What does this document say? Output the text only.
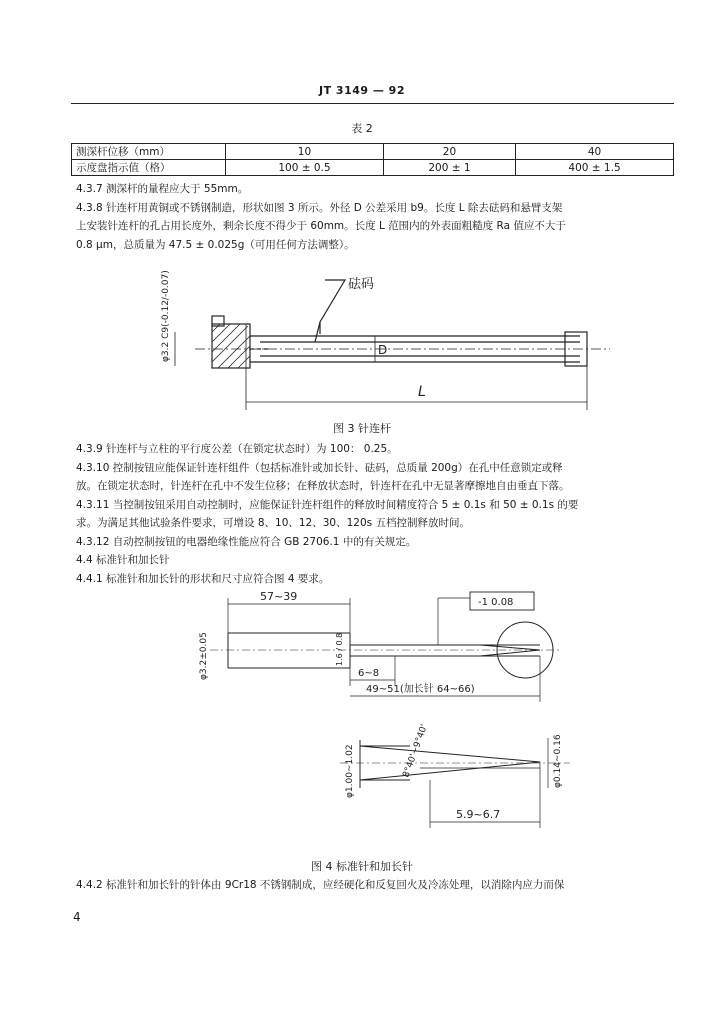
JT 3149 — 92
表 2
测深杆位移（mm）	10	20	40
示度盘指示值（格）	100 ± 0.5	200 ± 1	400 ± 1.5
4.3.7 测深杆的量程应大于 55mm。
4.3.8 针连杆用黄铜或不锈钢制造，形状如图 3 所示。外径 D 公差采用 b9。长度 L 除去砝码和悬臂支架
上安装针连杆的孔占用长度外，剩余长度不得少于 60mm。长度 L 范围内的外表面粗糙度 Ra 值应不大于
0.8 μm，总质量为 47.5 ± 0.025g（可用任何方法调整）。
砝码
D
L
φ3.2 C9(-0.12/-0.07)
图 3 针连杆
4.3.9 针连杆与立柱的平行度公差（在锁定状态时）为 100： 0.25。
4.3.10 控制按钮应能保证针连杆组件（包括标准针或加长针、砝码，总质量 200g）在孔中任意锁定或释
放。在锁定状态时，针连杆在孔中不发生位移；在释放状态时，针连杆在孔中无显著摩擦地自由垂直下落。
4.3.11 当控制按钮采用自动控制时，应能保证针连杆组件的释放时间精度符合 5 ± 0.1s 和 50 ± 0.1s 的要
求。为满足其他试验条件要求，可增设 8、10、12、30、120s 五档控制释放时间。
4.3.12 自动控制按钮的电器绝缘性能应符合 GB 2706.1 中的有关规定。
4.4 标准针和加长针
4.4.1 标准针和加长针的形状和尺寸应符合图 4 要求。
57~39	-1 0.08
6~8
49~51(加长针 64~66)
φ3.2±0.05	1.6 / 0.8
φ1.00~1.02	8°40'~9°40'	φ0.14~0.16
5.9~6.7
图 4 标准针和加长针
4.4.2 标准针和加长针的针体由 9Cr18 不锈钢制成，应经硬化和反复回火及冷冻处理，以消除内应力而保
4
